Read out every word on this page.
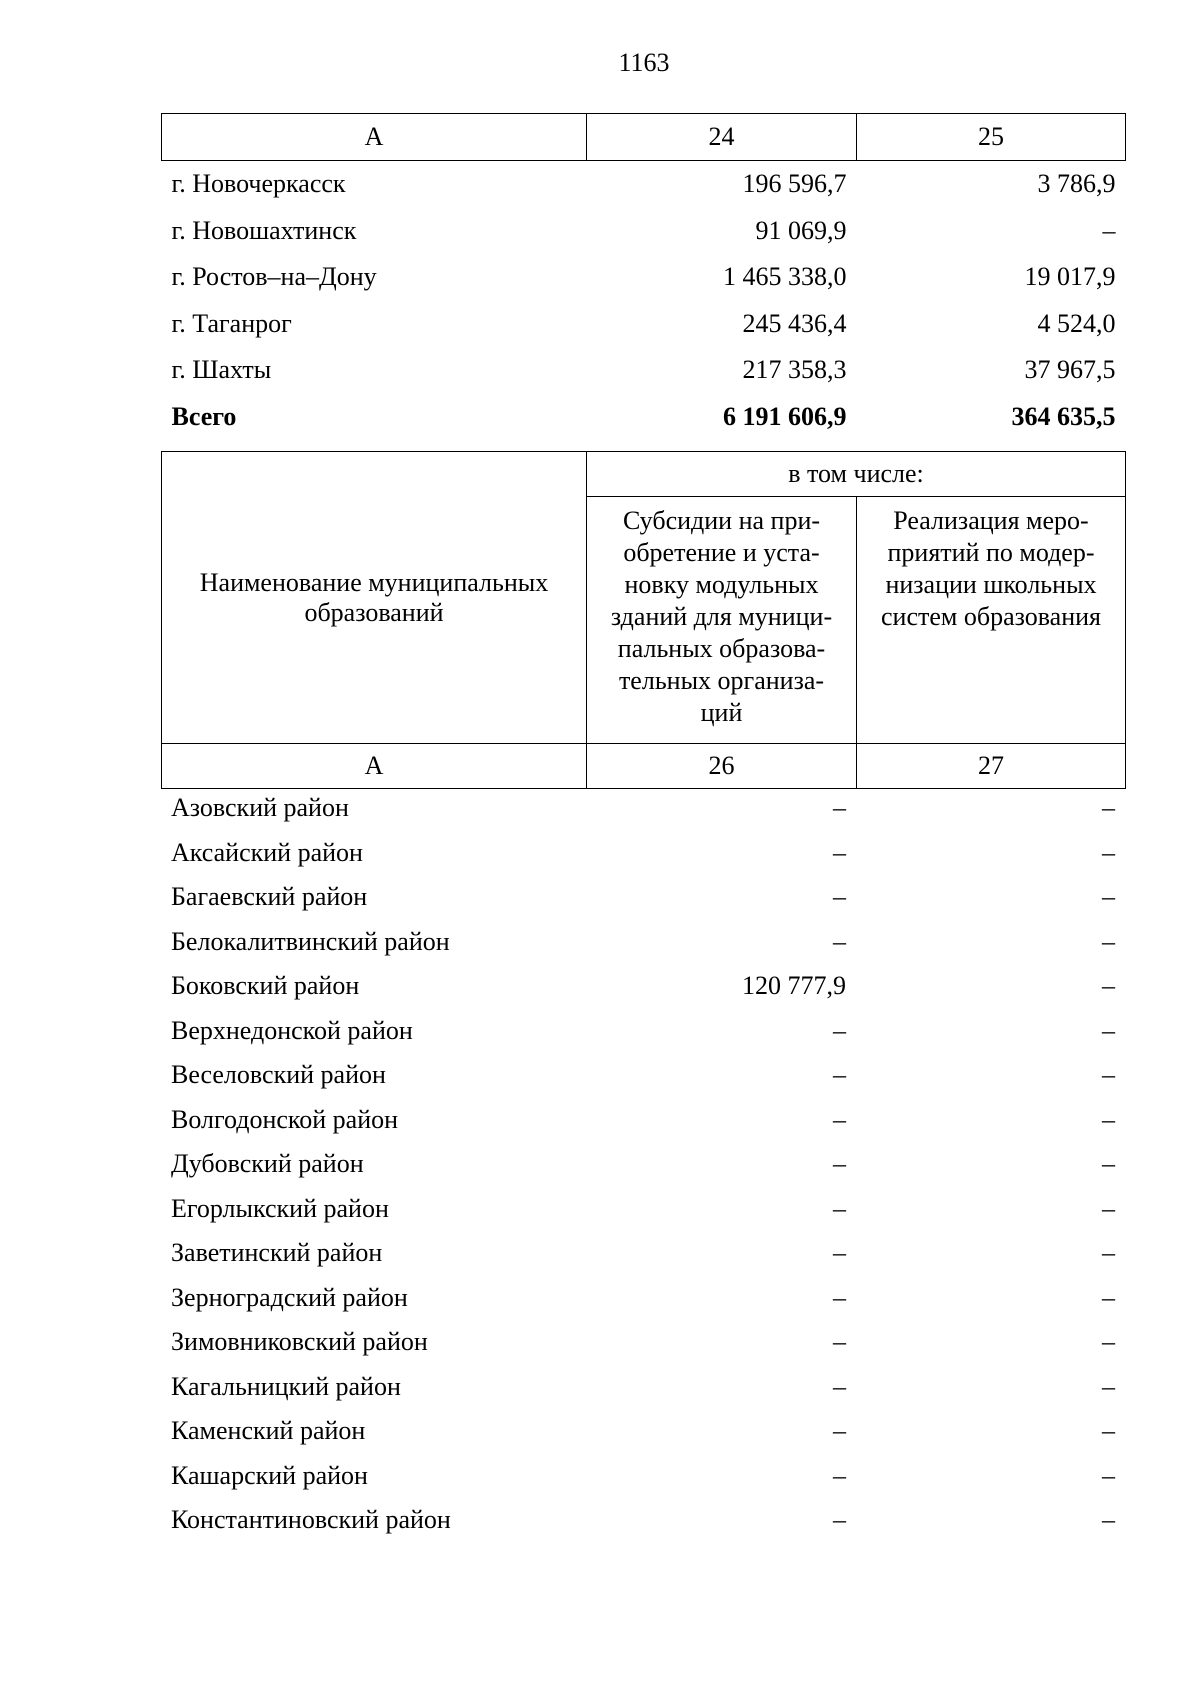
1163
А	24	25
г. Новочеркасск	196 596,7	3 786,9
г. Новошахтинск	91 069,9	–
г. Ростов–на–Дону	1 465 338,0	19 017,9
г. Таганрог	245 436,4	4 524,0
г. Шахты	217 358,3	37 967,5
Всего	6 191 606,9	364 635,5
Наименование муниципальных образований	в том числе:	
	Субсидии на при-обретение и уста-новку модульных зданий для муници-пальных образова-тельных организа-ций	Реализация меро-приятий по модер-низации школьных систем образования
А	26	27
Азовский район	–	–
Аксайский район	–	–
Багаевский район	–	–
Белокалитвинский район	–	–
Боковский район	120 777,9	–
Верхнедонской район	–	–
Веселовский район	–	–
Волгодонской район	–	–
Дубовский район	–	–
Егорлыкский район	–	–
Заветинский район	–	–
Зерноградский район	–	–
Зимовниковский район	–	–
Кагальницкий район	–	–
Каменский район	–	–
Кашарский район	–	–
Константиновский район	–	–
